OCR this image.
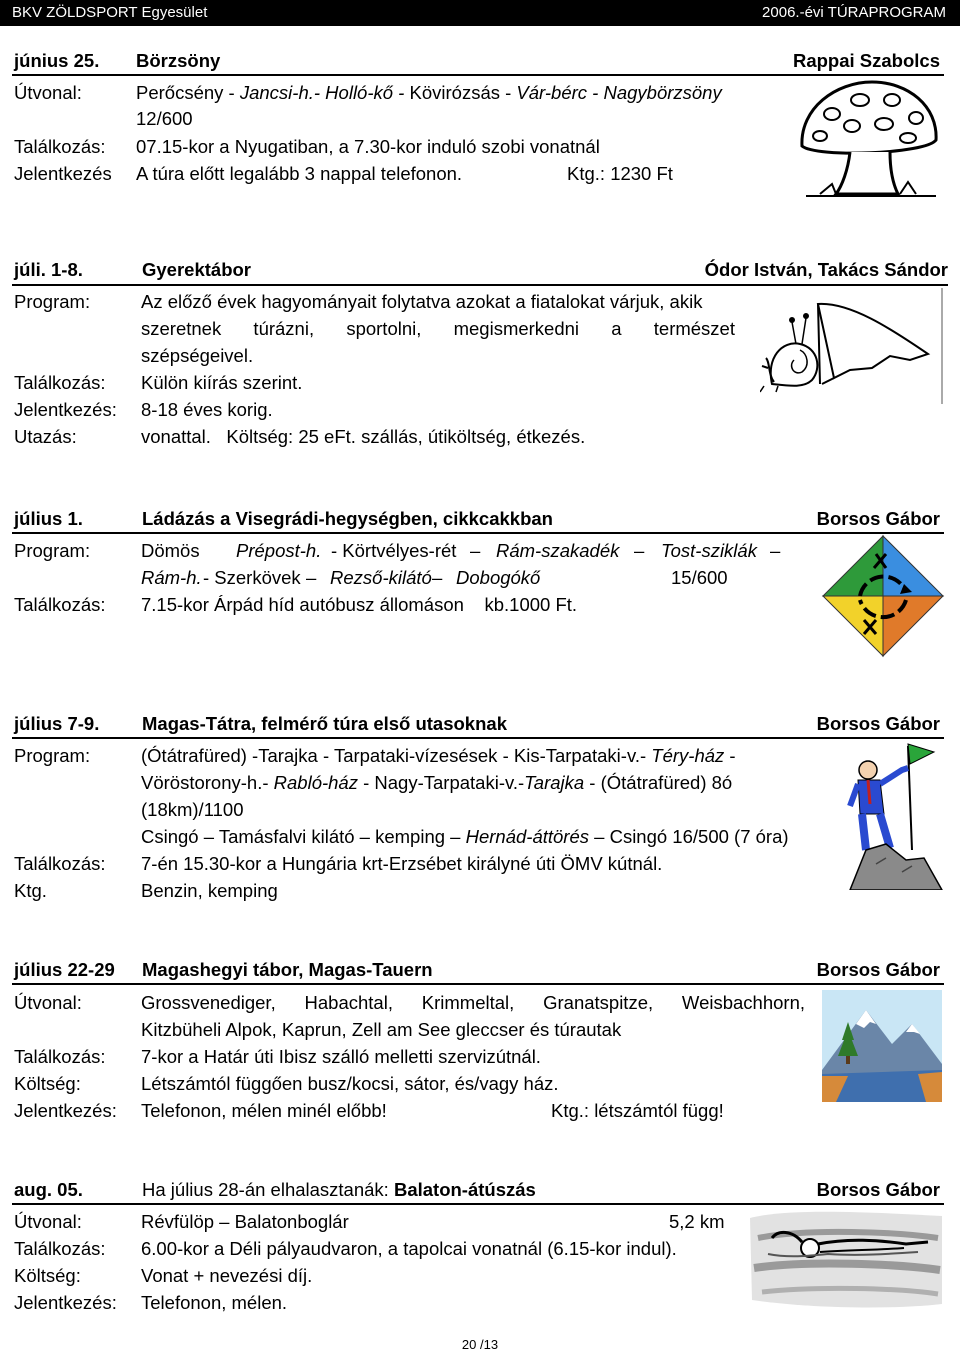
BKV ZÖLDSPORT Egyesület	2006.-évi TÚRAPROGRAM
június 25. Börzsöny	Rappai Szabolcs
Útvonal:	Perőcsény - Jancsi-h.- Holló-kő - Kövirózsás - Vár-bérc - Nagybörzsöny
12/600
Találkozás: 07.15-kor a Nyugatiban, a 7.30-kor induló szobi vonatnál
Jelentkezés A túra előtt legalább 3 nappal telefonon.	Ktg.: 1230 Ft
júli. 1-8.	Gyerektábor	Ódor István, Takács Sándor
Program:	Az előző évek hagyományait folytatva azokat a fiatalokat várjuk, akik
szeretnek túrázni, sportolni, megismerkedni a természet
szépségeivel.
Találkozás: Külön kiírás szerint.
Jelentkezés: 8-18 éves korig.
Utazás:	vonattal.   Költség: 25 eFt. szállás, útiköltség, étkezés.
július 1.	Ládázás a Visegrádi-hegységben, cikkcakkban	Borsos Gábor
Program:	Dömös Prépost-h. - Körtvélyes-rét – Rám-szakadék – Tost-sziklák –
Rám-h. - Szerkövek – Rezső-kilátó – Dobogókő	15/600
Találkozás: 7.15-kor Árpád híd autóbusz állomáson    kb.1000 Ft.
július 7-9. Magas-Tátra, felmérő túra első utasoknak	Borsos Gábor
Program:	(Ótátrafüred) -Tarajka - Tarpataki-vízesések - Kis-Tarpataki-v.- Téry-ház -
Vöröstorony-h.- Rabló-ház - Nagy-Tarpataki-v.-Tarajka - (Ótátrafüred) 8ó
(18km)/1100
Csingó – Tamásfalvi kilátó – kemping – Hernád-áttörés – Csingó 16/500 (7 óra)
Találkozás: 7-én 15.30-kor a Hungária krt-Erzsébet királyné úti ÖMV kútnál.
Ktg.	Benzin, kemping
július 22-29 Magashegyi tábor, Magas-Tauern	Borsos Gábor
Útvonal:	Grossvenediger, Habachtal, Krimmeltal, Granatspitze, Weisbachhorn,
Kitzbüheli Alpok, Kaprun, Zell am See gleccser és túrautak
Találkozás: 7-kor a Határ úti Ibisz szálló melletti szervizútnál.
Költség:	Létszámtól függően busz/kocsi, sátor, és/vagy ház.
Jelentkezés: Telefonon, mélen minél előbb!	Ktg.: létszámtól függ!
aug. 05.	Ha július 28-án elhalasztanák: Balaton-átúszás	Borsos Gábor
Útvonal:	Révfülöp – Balatonboglár	5,2 km
Találkozás: 6.00-kor a Déli pályaudvaron, a tapolcai vonatnál (6.15-kor indul).
Költség:	Vonat + nevezési díj.
Jelentkezés: Telefonon, mélen.
20 /13
